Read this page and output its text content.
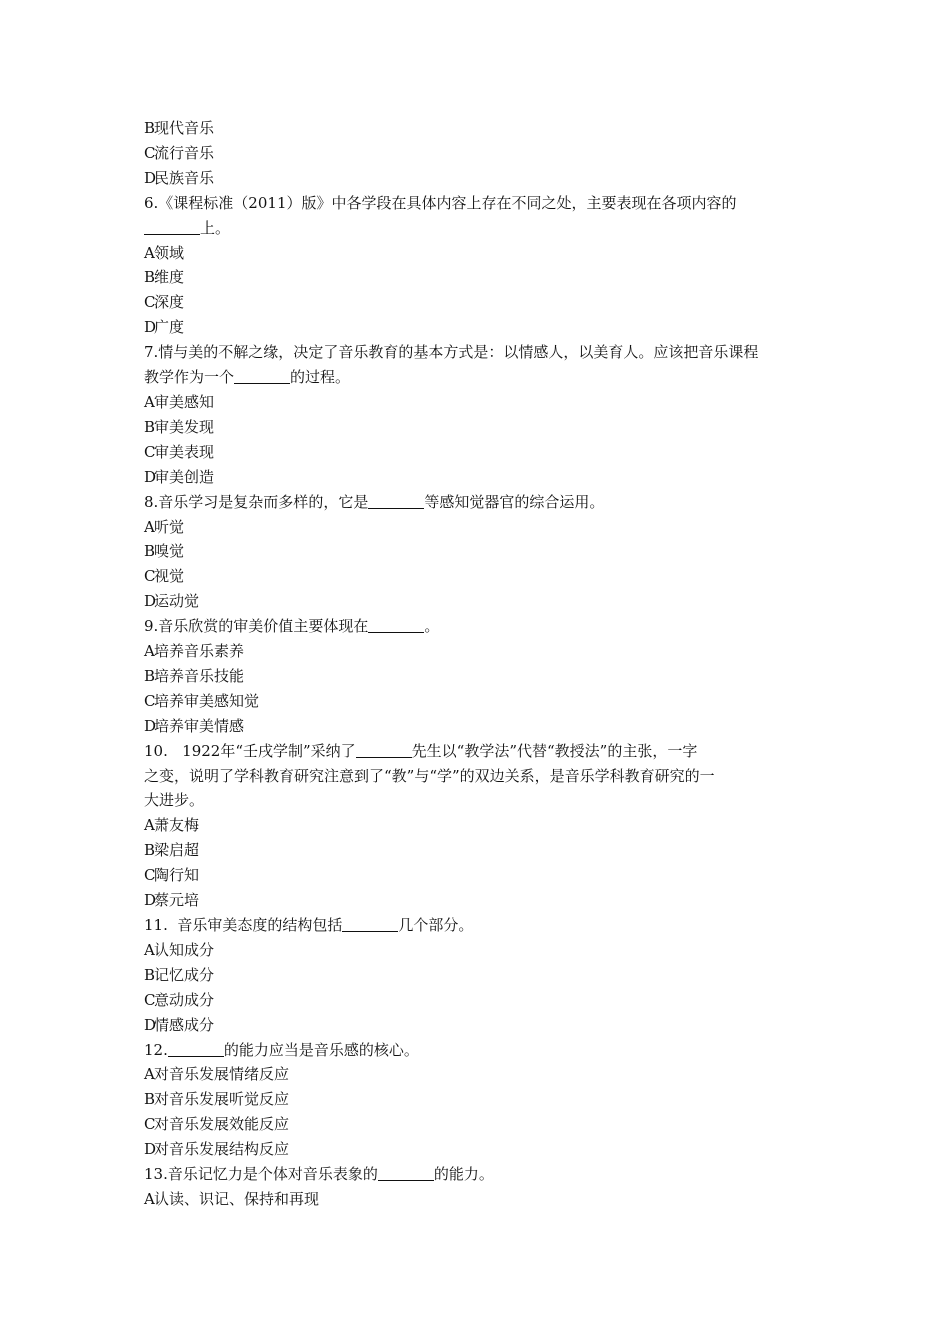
B现代音乐

C流行音乐

D民族音乐

6.《课程标准（2011）版》中各学段在具体内容上存在不同之处，主要表现在各项内容的

上。

A领域

B维度

C深度

D广度

7.情与美的不解之缘，决定了音乐教育的基本方式是：以情感人，以美育人。应该把音乐课程

教学作为一个	的过程。

A审美感知

B审美发现

C审美表现

D审美创造

8.音乐学习是复杂而多样的，它是	等感知觉器官的综合运用。

A听觉

B嗅觉

C视觉

D运动觉

9.音乐欣赏的审美价值主要体现在	。

A培养音乐素养

B培养音乐技能

C培养审美感知觉

D培养审美情感

10.   1922年“壬戌学制”采纳了	先生以“教学法”代替“教授法”的主张，一字

之变，说明了学科教育研究注意到了“教”与“学”的双边关系，是音乐学科教育研究的一

大进步。

A萧友梅

B梁启超

C陶行知

D蔡元培

11.  音乐审美态度的结构包括	几个部分。

A认知成分

B记忆成分

C意动成分

D情感成分

12.	的能力应当是音乐感的核心。

A对音乐发展情绪反应

B对音乐发展听觉反应

C对音乐发展效能反应

D对音乐发展结构反应

13.音乐记忆力是个体对音乐表象的	的能力。

A认读、识记、保持和再现
